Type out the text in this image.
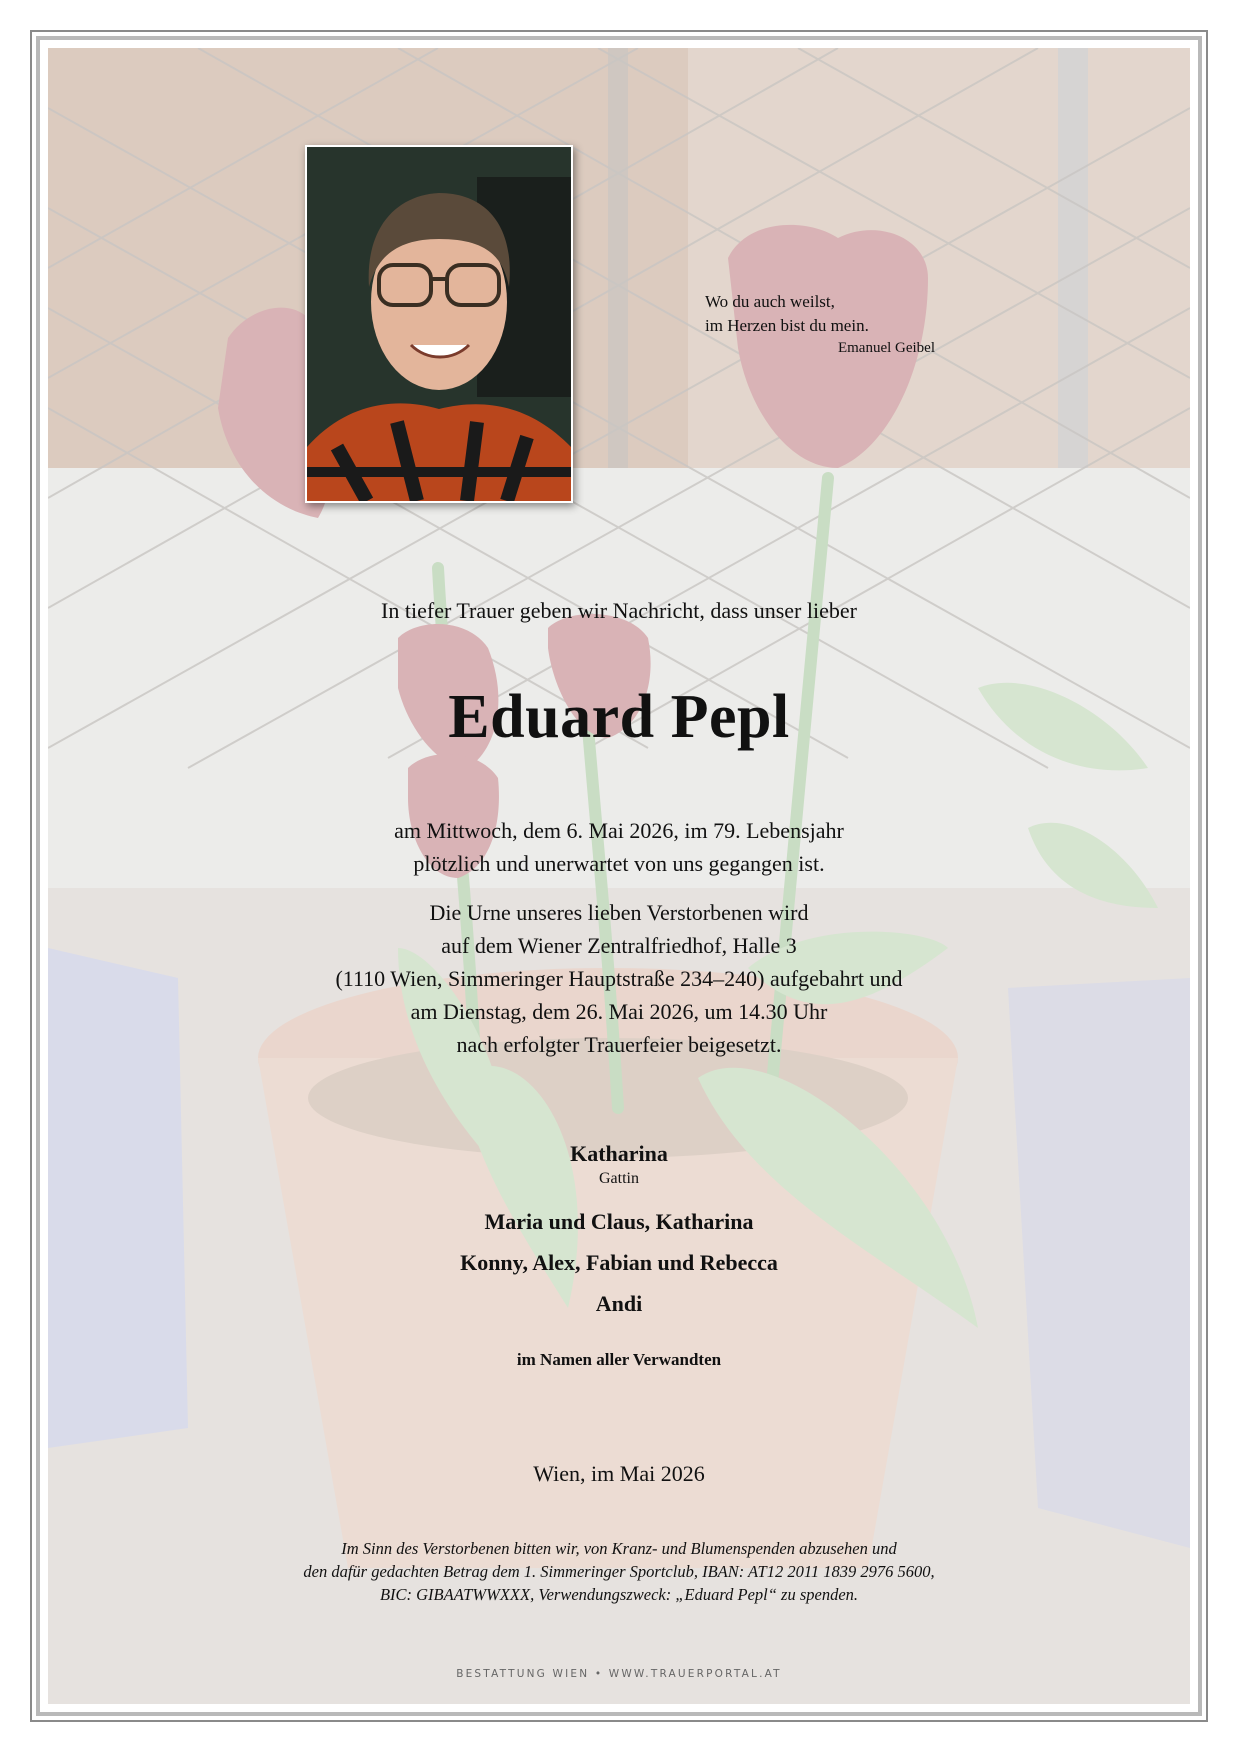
Wo du auch weilst,
im Herzen bist du mein.
Emanuel Geibel
In tiefer Trauer geben wir Nachricht, dass unser lieber
Eduard Pepl
am Mittwoch, dem 6. Mai 2026, im 79. Lebensjahr
plötzlich und unerwartet von uns gegangen ist.
Die Urne unseres lieben Verstorbenen wird
auf dem Wiener Zentralfriedhof, Halle 3
(1110 Wien, Simmeringer Hauptstraße 234–240) aufgebahrt und
am Dienstag, dem 26. Mai 2026, um 14.30 Uhr
nach erfolgter Trauerfeier beigesetzt.
Katharina
Gattin
Maria und Claus, Katharina
Konny, Alex, Fabian und Rebecca
Andi
im Namen aller Verwandten
Wien, im Mai 2026
Im Sinn des Verstorbenen bitten wir, von Kranz- und Blumenspenden abzusehen und
den dafür gedachten Betrag dem 1. Simmeringer Sportclub, IBAN: AT12 2011 1839 2976 5600,
BIC: GIBAATWWXXX, Verwendungszweck: „Eduard Pepl“ zu spenden.
BESTATTUNG WIEN • WWW.TRAUERPORTAL.AT
